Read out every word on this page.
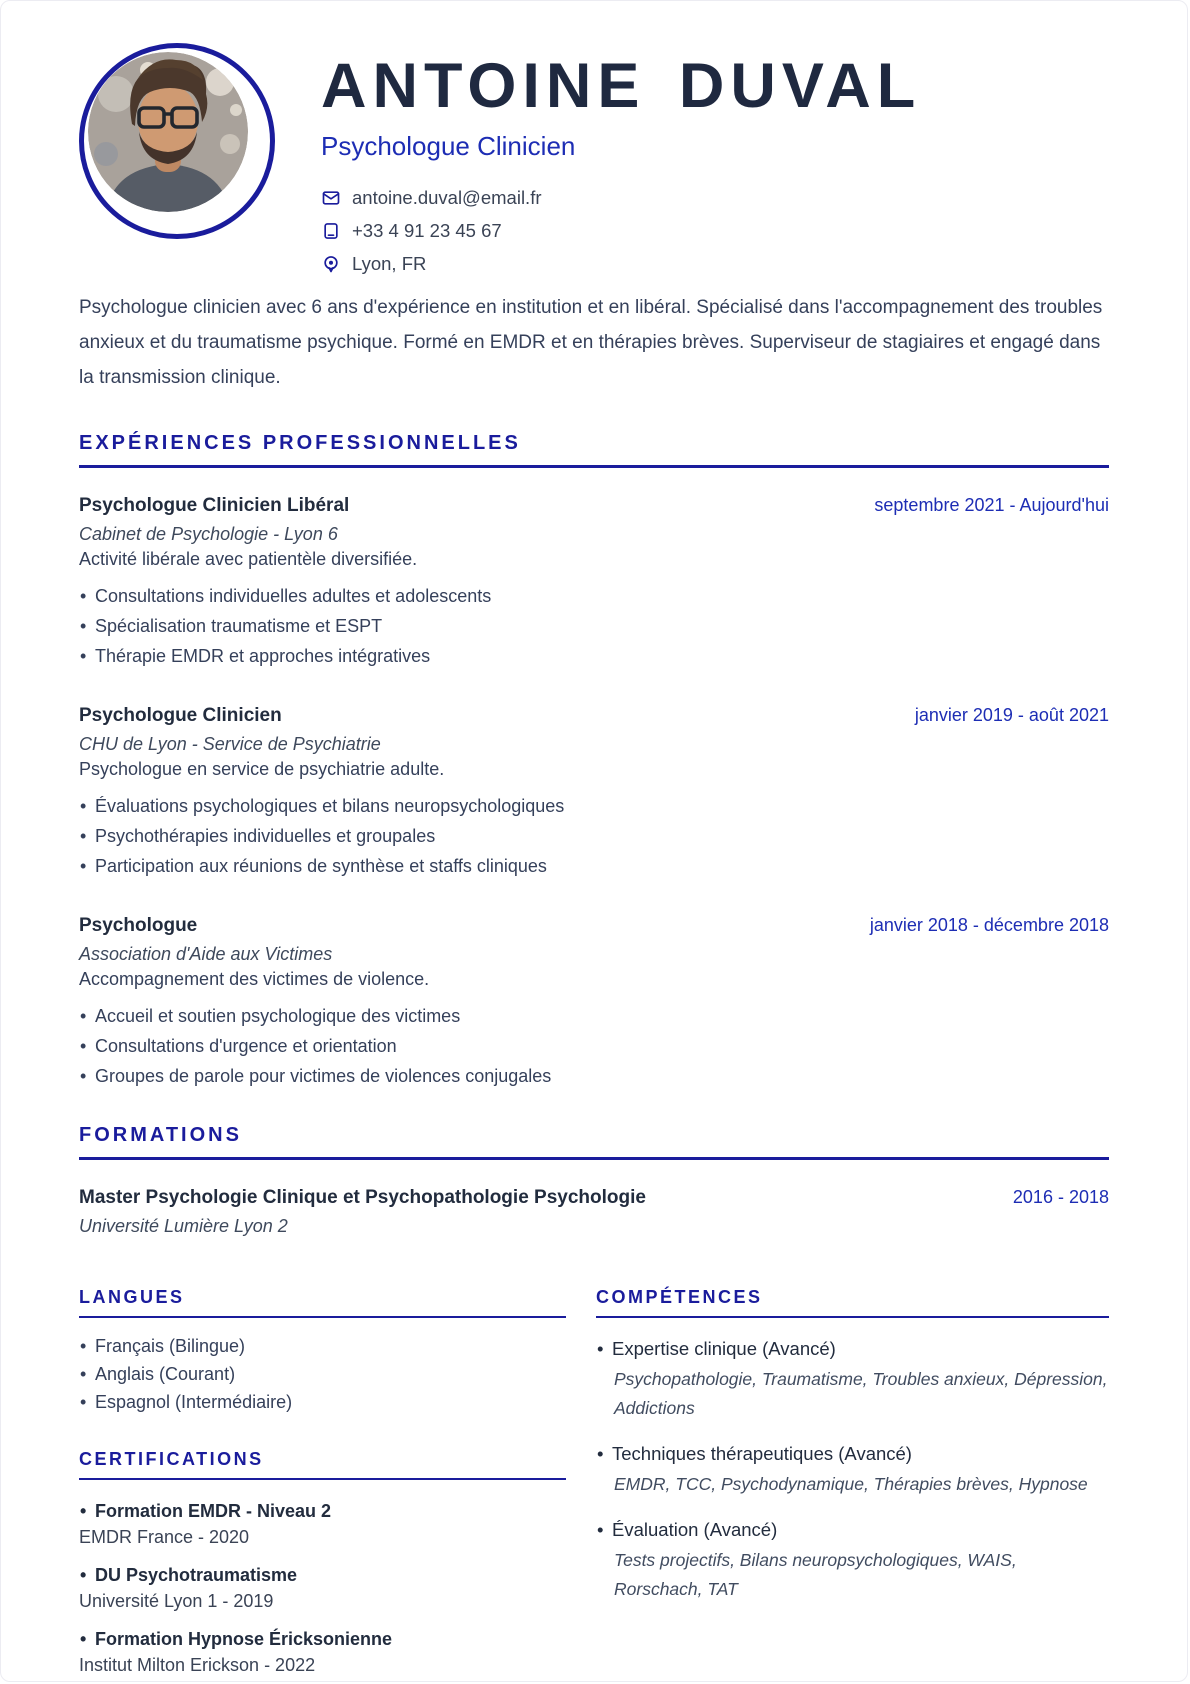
ANTOINE DUVAL
Psychologue Clinicien
antoine.duval@email.fr
+33 4 91 23 45 67
Lyon, FR

Psychologue clinicien avec 6 ans d'expérience en institution et en libéral. Spécialisé dans l'accompagnement des troubles anxieux et du traumatisme psychique. Formé en EMDR et en thérapies brèves. Superviseur de stagiaires et engagé dans la transmission clinique.

EXPÉRIENCES PROFESSIONNELLES
Psychologue Clinicien Libéral	septembre 2021 - Aujourd'hui
Cabinet de Psychologie - Lyon 6
Activité libérale avec patientèle diversifiée.
• Consultations individuelles adultes et adolescents
• Spécialisation traumatisme et ESPT
• Thérapie EMDR et approches intégratives
Psychologue Clinicien	janvier 2019 - août 2021
CHU de Lyon - Service de Psychiatrie
Psychologue en service de psychiatrie adulte.
• Évaluations psychologiques et bilans neuropsychologiques
• Psychothérapies individuelles et groupales
• Participation aux réunions de synthèse et staffs cliniques
Psychologue	janvier 2018 - décembre 2018
Association d'Aide aux Victimes
Accompagnement des victimes de violence.
• Accueil et soutien psychologique des victimes
• Consultations d'urgence et orientation
• Groupes de parole pour victimes de violences conjugales
FORMATIONS
Master Psychologie Clinique et Psychopathologie Psychologie	2016 - 2018
Université Lumière Lyon 2
LANGUES
• Français (Bilingue)
• Anglais (Courant)
• Espagnol (Intermédiaire)
CERTIFICATIONS
• Formation EMDR - Niveau 2
EMDR France - 2020
• DU Psychotraumatisme
Université Lyon 1 - 2019
• Formation Hypnose Éricksonienne
Institut Milton Erickson - 2022
COMPÉTENCES
• Expertise clinique (Avancé)
Psychopathologie, Traumatisme, Troubles anxieux, Dépression, Addictions
• Techniques thérapeutiques (Avancé)
EMDR, TCC, Psychodynamique, Thérapies brèves, Hypnose
• Évaluation (Avancé)
Tests projectifs, Bilans neuropsychologiques, WAIS, Rorschach, TAT
